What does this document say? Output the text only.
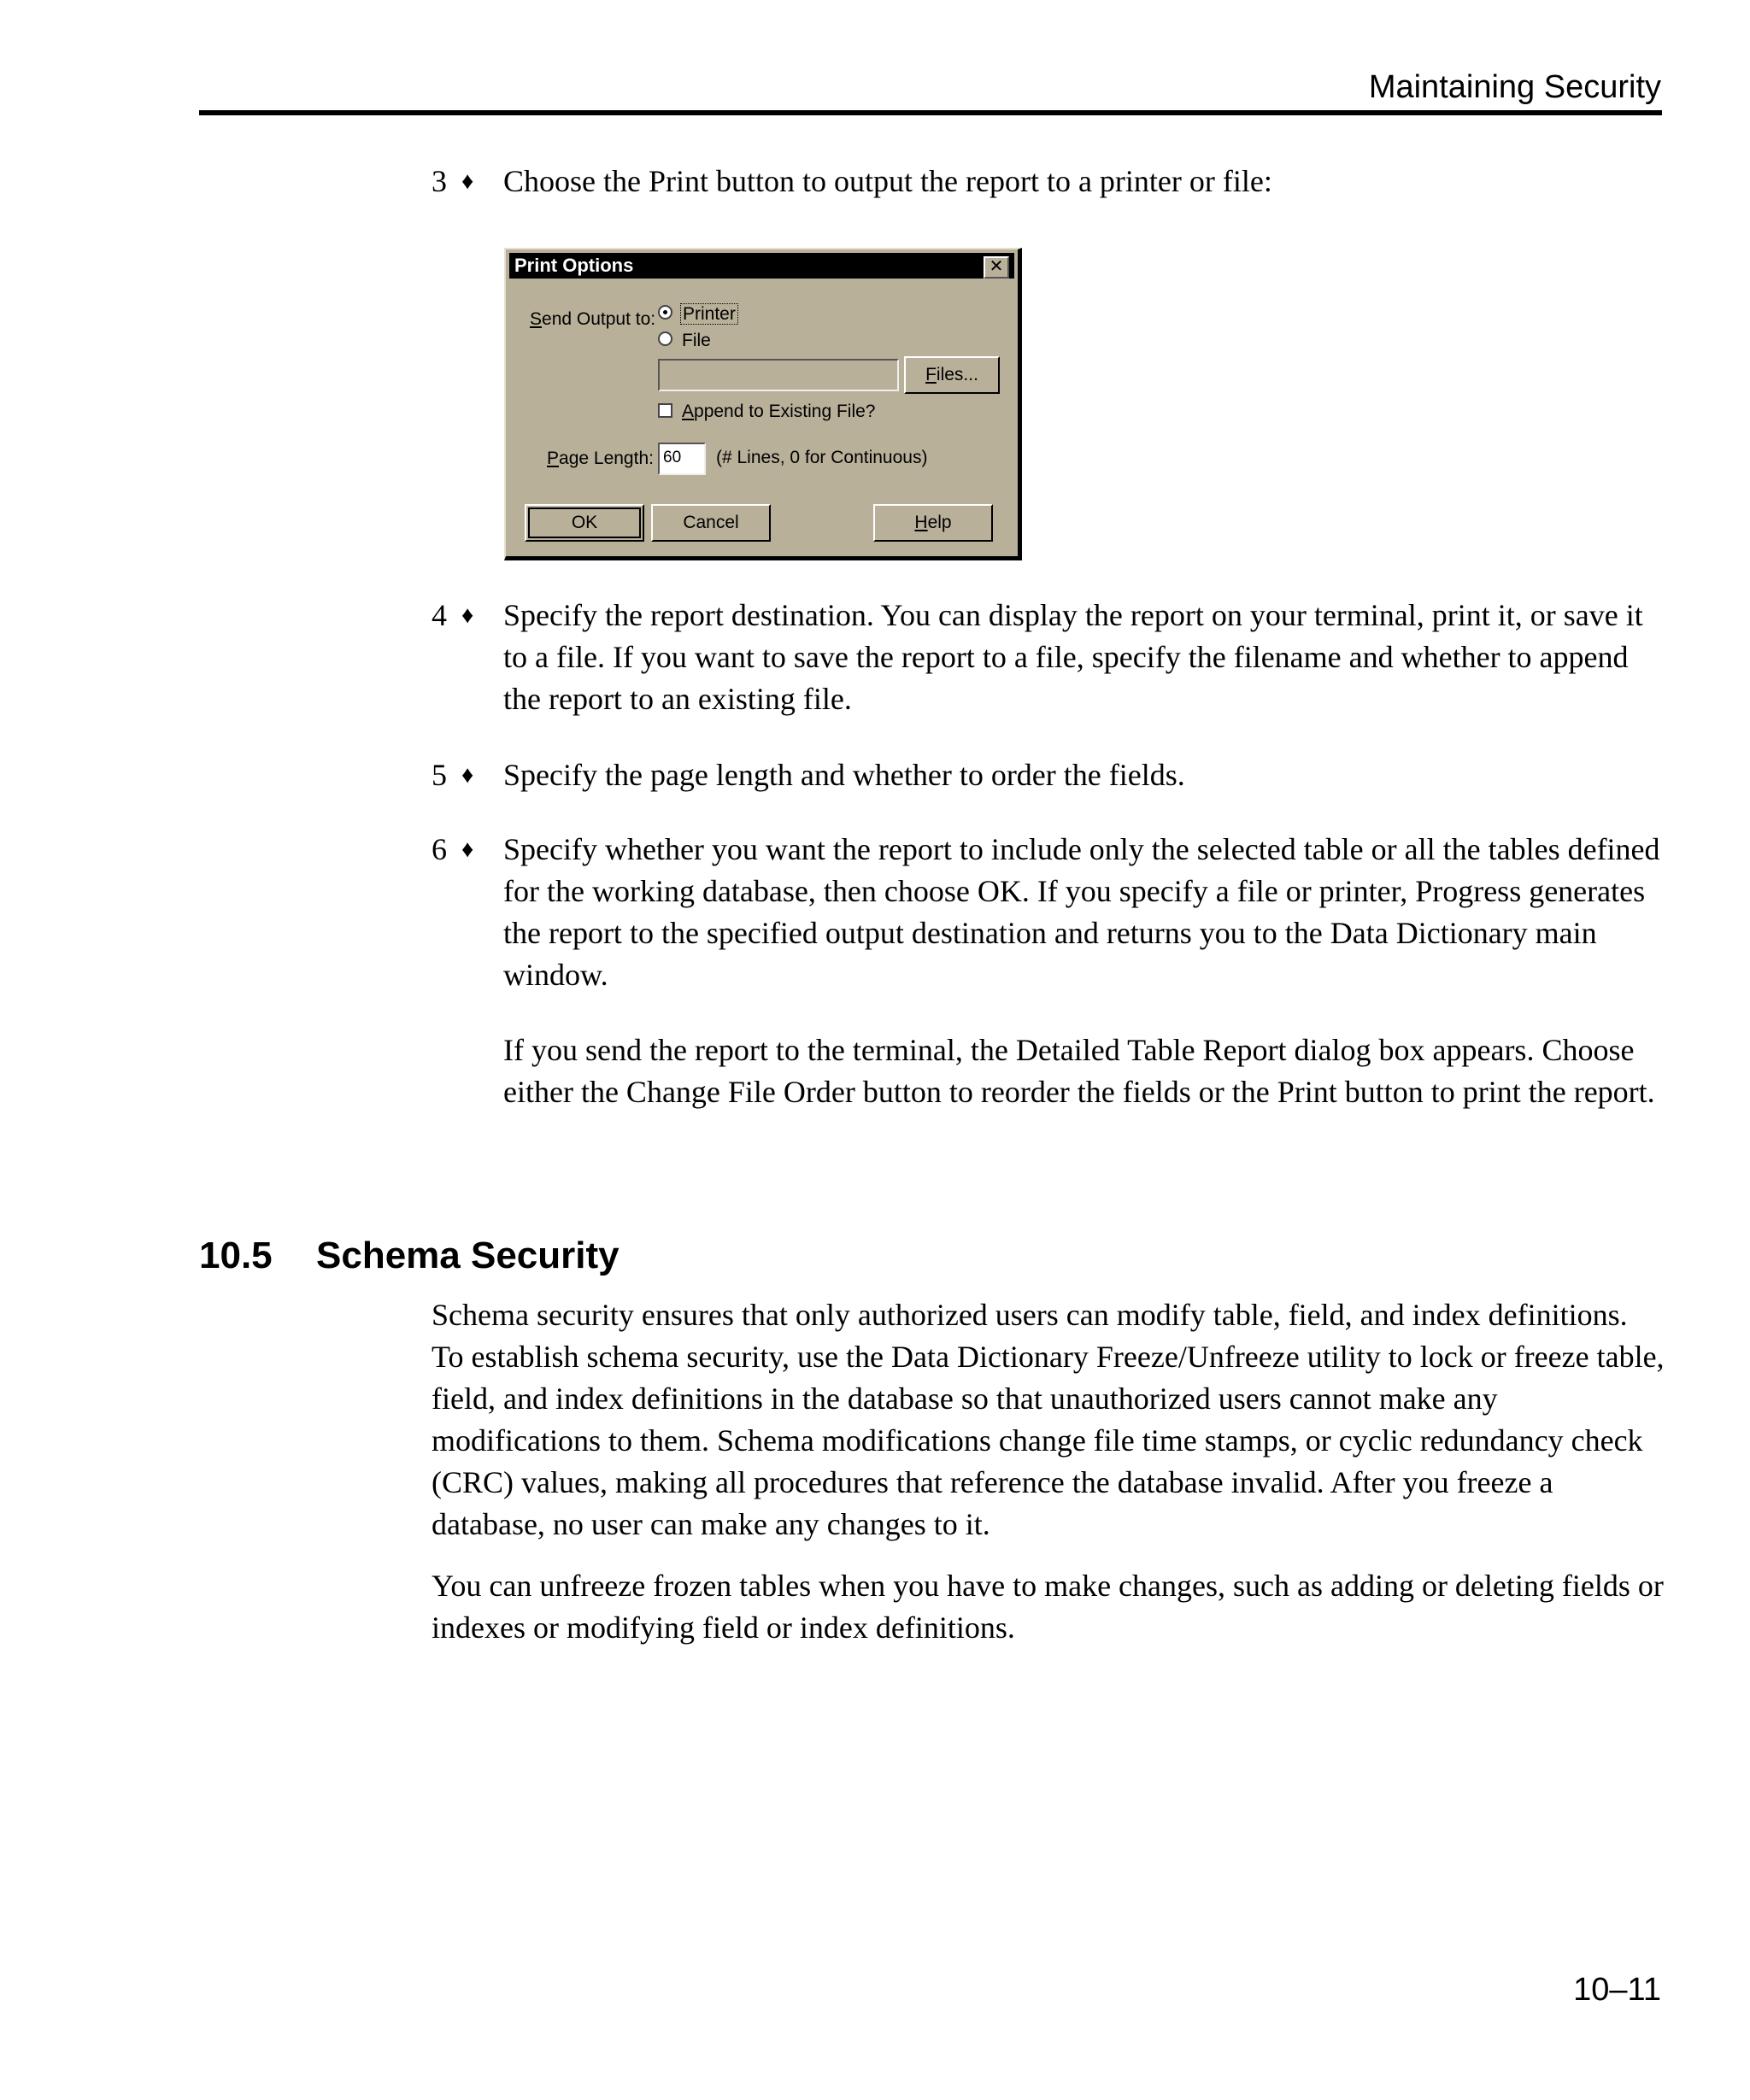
Maintaining Security
3 ♦ Choose the Print button to output the report to a printer or file:

Print Options	✕
Send Output to: Printer
File
Files...
Append to Existing File?
Page Length: 60	(# Lines, 0 for Continuous)
OK	Cancel	Help
4 ♦ Specify the report destination. You can display the report on your terminal, print it, or save it to a file. If you want to save the report to a file, specify the filename and whether to append the report to an existing file.

5 ♦ Specify the page length and whether to order the fields.

6 ♦ Specify whether you want the report to include only the selected table or all the tables defined for the working database, then choose OK. If you specify a file or printer, Progress generates the report to the specified output destination and returns you to the Data Dictionary main window.

If you send the report to the terminal, the Detailed Table Report dialog box appears. Choose either the Change File Order button to reorder the fields or the Print button to print the report.

10.5 Schema Security

Schema security ensures that only authorized users can modify table, field, and index definitions. To establish schema security, use the Data Dictionary Freeze/Unfreeze utility to lock or freeze table, field, and index definitions in the database so that unauthorized users cannot make any modifications to them. Schema modifications change file time stamps, or cyclic redundancy check (CRC) values, making all procedures that reference the database invalid. After you freeze a database, no user can make any changes to it.

You can unfreeze frozen tables when you have to make changes, such as adding or deleting fields or indexes or modifying field or index definitions.

10–11
